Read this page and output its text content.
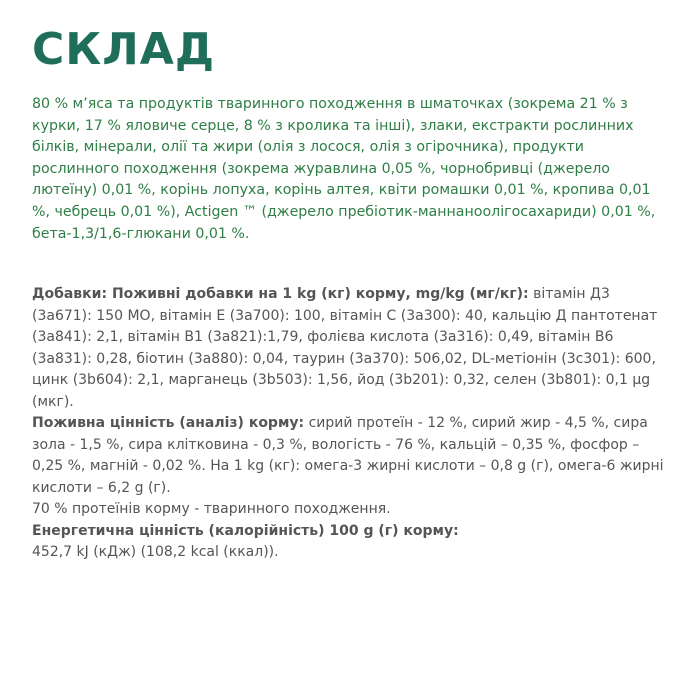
СКЛАД

80 % м’яса та продуктів тваринного походження в шматочках (зокрема 21 % з курки, 17 % яловиче серце, 8 % з кролика та інші), злаки, екстракти рослинних білків, мінерали, олії та жири (олія з лосося, олія з огірочника), продукти рослинного походження (зокрема журавлина 0,05 %, чорнобривці (джерело лютеїну) 0,01 %, корінь лопуха, корінь алтея, квіти ромашки 0,01 %, кропива 0,01 %, чебрець 0,01 %), Actigen ™ (джерело пребіотик-маннаноолігосахариди) 0,01 %, бета-1,3/1,6-глюкани 0,01 %.

Добавки: Поживні добавки на 1 kg (кг) корму, mg/kg (мг/кг): вітамін Д3 (3a671): 150 МО, вітамін Е (3a700): 100, вітамін С (3a300): 40, кальцію Д пантотенат (3a841): 2,1, вітамін В1 (3a821):1,79, фолієва кислота (3a316): 0,49, вітамін В6 (3a831): 0,28, біотин (3a880): 0,04, таурин (3a370): 506,02, DL-метіонін (3c301): 600, цинк (3b604): 2,1, марганець (3b503): 1,56, йод (3b201): 0,32, селен (3b801): 0,1 µg (мкг).

Поживна цінність (аналіз) корму: сирий протеїн - 12 %, сирий жир - 4,5 %, сира зола - 1,5 %, сира клітковина - 0,3 %, вологість - 76 %, кальцій – 0,35 %, фосфор – 0,25 %, магній - 0,02 %. На 1 kg (кг): омега-3 жирні кислоти – 0,8 g (г), омега-6 жирні кислоти – 6,2 g (г).

70 % протеїнів корму - тваринного походження.

Енергетична цінність (калорійність) 100 g (г) корму:

452,7 kJ (кДж) (108,2 kcal (ккал)).
